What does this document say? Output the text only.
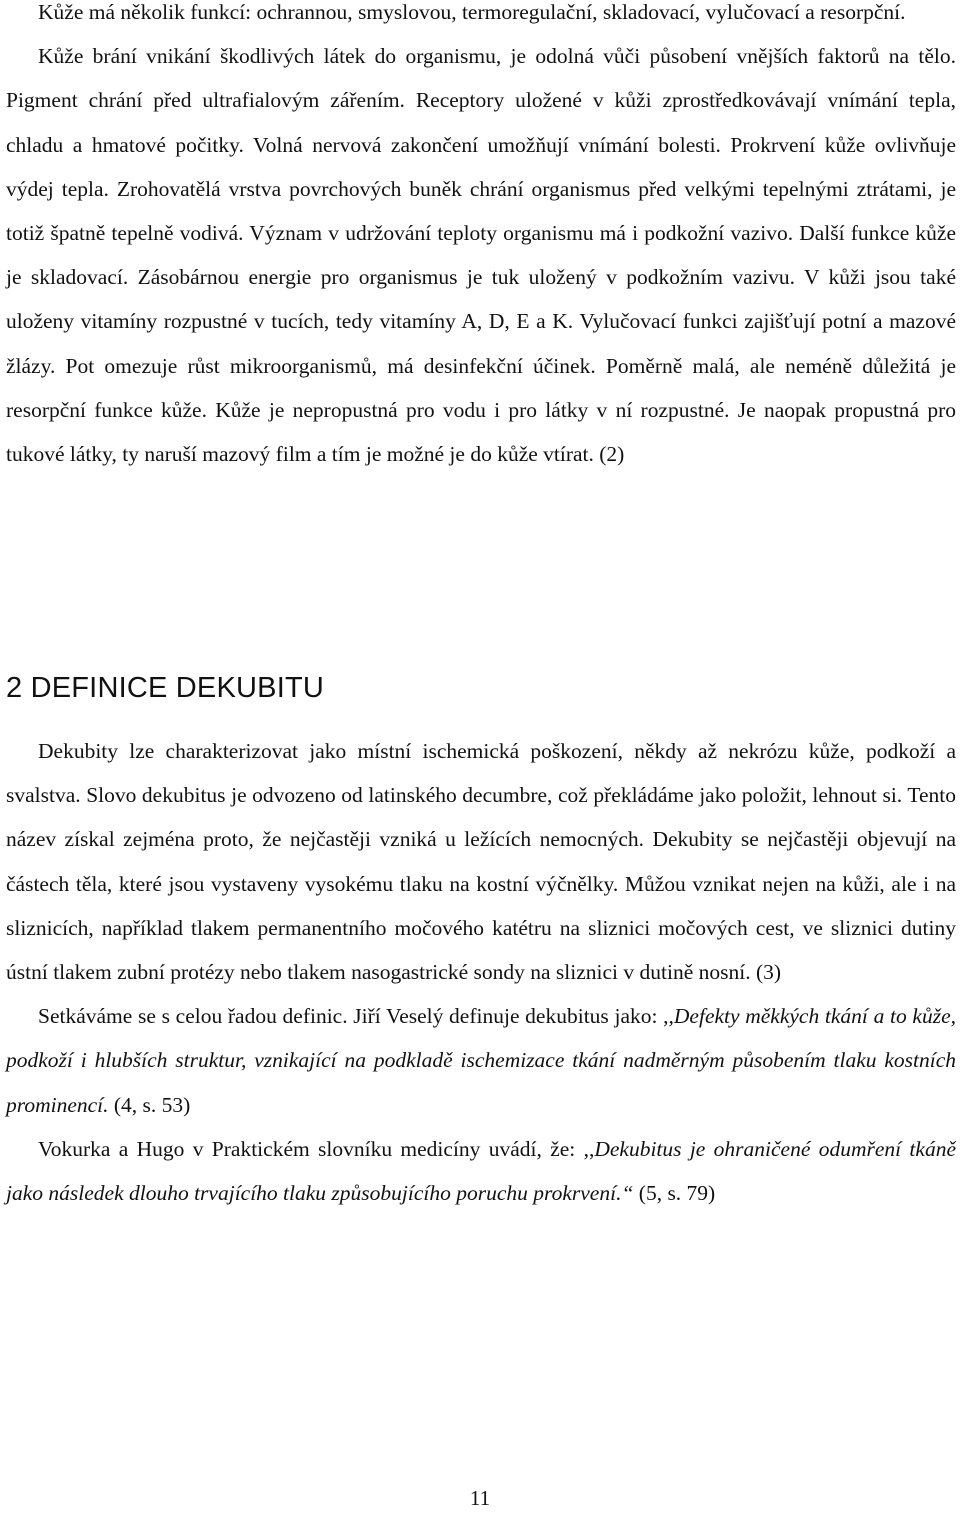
Kůže má několik funkcí: ochrannou, smyslovou, termoregulační, skladovací, vylučovací a resorpční.

Kůže brání vnikání škodlivých látek do organismu, je odolná vůči působení vnějších faktorů na tělo. Pigment chrání před ultrafialovým zářením. Receptory uložené v kůži zprostředkovávají vnímání tepla, chladu a hmatové počitky. Volná nervová zakončení umožňují vnímání bolesti. Prokrvení kůže ovlivňuje výdej tepla. Zrohovatělá vrstva povrchových buněk chrání organismus před velkými tepelnými ztrátami, je totiž špatně tepelně vodivá. Význam v udržování teploty organismu má i podkožní vazivo. Další funkce kůže je skladovací. Zásobárnou energie pro organismus je tuk uložený v podkožním vazivu. V kůži jsou také uloženy vitamíny rozpustné v tucích, tedy vitamíny A, D, E a K. Vylučovací funkci zajišťují potní a mazové žlázy. Pot omezuje růst mikroorganismů, má desinfekční účinek. Poměrně malá, ale neméně důležitá je resorpční funkce kůže. Kůže je nepropustná pro vodu i pro látky v ní rozpustné. Je naopak propustná pro tukové látky, ty naruší mazový film a tím je možné je do kůže vtírat. (2)

2 DEFINICE DEKUBITU

Dekubity lze charakterizovat jako místní ischemická poškození, někdy až nekrózu kůže, podkoží a svalstva. Slovo dekubitus je odvozeno od latinského decumbre, což překládáme jako položit, lehnout si. Tento název získal zejména proto, že nejčastěji vzniká u ležících nemocných. Dekubity se nejčastěji objevují na částech těla, které jsou vystaveny vysokému tlaku na kostní výčnělky. Můžou vznikat nejen na kůži, ale i na sliznicích, například tlakem permanentního močového katétru na sliznici močových cest, ve sliznici dutiny ústní tlakem zubní protézy nebo tlakem nasogastrické sondy na sliznici v dutině nosní. (3)

Setkáváme se s celou řadou definic. Jiří Veselý definuje dekubitus jako: ,,Defekty měkkých tkání a to kůže, podkoží i hlubších struktur, vznikající na podkladě ischemizace tkání nadměrným působením tlaku kostních prominencí. (4, s. 53)

Vokurka a Hugo v Praktickém slovníku medicíny uvádí, že: ,,Dekubitus je ohraničené odumření tkáně jako následek dlouho trvajícího tlaku způsobujícího poruchu prokrvení.“ (5, s. 79)

11
